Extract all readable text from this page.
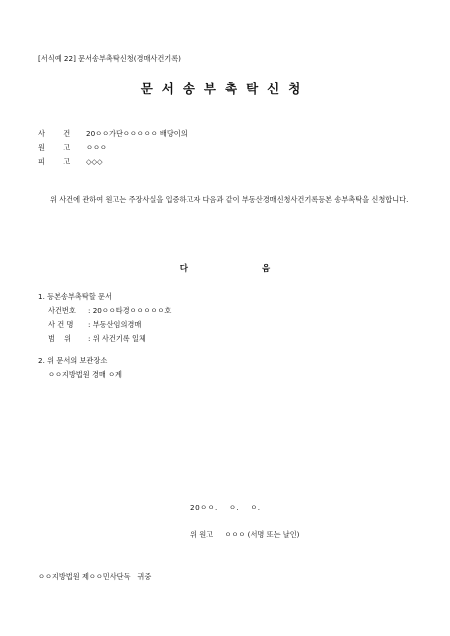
[서식예 22] 문서송부촉탁신청(경매사건기록)
문서송부촉탁신청
사 건 20ㅇㅇ가단ㅇㅇㅇㅇㅇ 배당이의
원 고 ㅇㅇㅇ
피 고 ◇◇◇
위 사건에 관하여 원고는 주장사실을 입증하고자 다음과 같이 부동산경매신청사건기록등본 송부촉탁을 신청합니다.
다	음
1. 등본송부촉탁할 문서
사건번호 : 20ㅇㅇ타경ㅇㅇㅇㅇㅇ호
사 건 명 : 부동산임의경매
범    위 : 위 사건기록 일체
2. 위 문서의 보관장소
ㅇㅇ지방법원 경매 ㅇ계
20ㅇㅇ.    ㅇ.    ㅇ.
위 원고     ㅇㅇㅇ (서명 또는 날인)
ㅇㅇ지방법원 제ㅇㅇ민사단독   귀중
